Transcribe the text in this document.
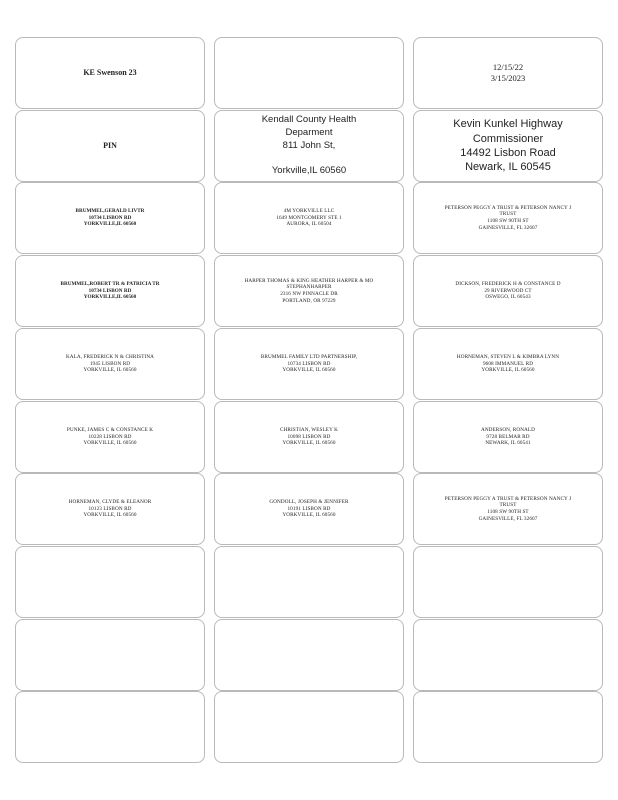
KE Swenson 23
12/15/22
3/15/2023
PIN
Kendall County Health
Deparment
811 John St,

Yorkville,IL 60560
Kevin Kunkel Highway
Commissioner
14492 Lisbon Road
Newark, IL 60545
BRUMMEL,GERALD LIVTR
10734 LISBON RD
YORKVILLE,IL 60560
4M YORKVILLE LLC
1649 MONTGOMERY STE 1
AURORA, IL 60504
PETERSON PEGGY A TRUST & PETERSON NANCY J
TRUST
1108 SW 90TH ST
GAINESVILLE, FL 32607
BRUMMEL,ROBERT TR & PATRICIA TR
10734 LISBON RD
YORKVILLE,IL 60560
HARPER THOMAS & KING HEATHER HARPER & MO
STEPHANHARPER
2316 NW PINNACLE DR
PORTLAND, OR 97229
DICKSON, FREDERICK H & CONSTANCE D
29 RIVERWOOD CT
OSWEGO, IL 60543
KALA, FREDERICK N & CHRISTINA
1945 LISBON RD
YORKVILLE, IL 60560
BRUMMEL FAMILY LTD PARTNERSHIP,
10734 LISBON RD
YORKVILLE, IL 60560
HORNEMAN, STEVEN L & KIMBRA LYNN
9608 IMMANUEL RD
YORKVILLE, IL 60560
PUNKE, JAMES C & CONSTANCE K
10228 LISBON RD
YORKVILLE, IL 60560
CHRISTIAN, WESLEY K
10098 LISBON RD
YORKVILLE, IL 60560
ANDERSON, RONALD
9728 BELMAR RD
NEWARK, IL 60541
HORNEMAN, CLYDE & ELEANOR
10123 LISBON RD
YORKVILLE, IL 60560
GONDOLL, JOSEPH & JENNIFER
10191 LISBON RD
YORKVILLE, IL 60560
PETERSON PEGGY A TRUST & PETERSON NANCY J
TRUST
1108 SW 90TH ST
GAINESVILLE, FL 32607
